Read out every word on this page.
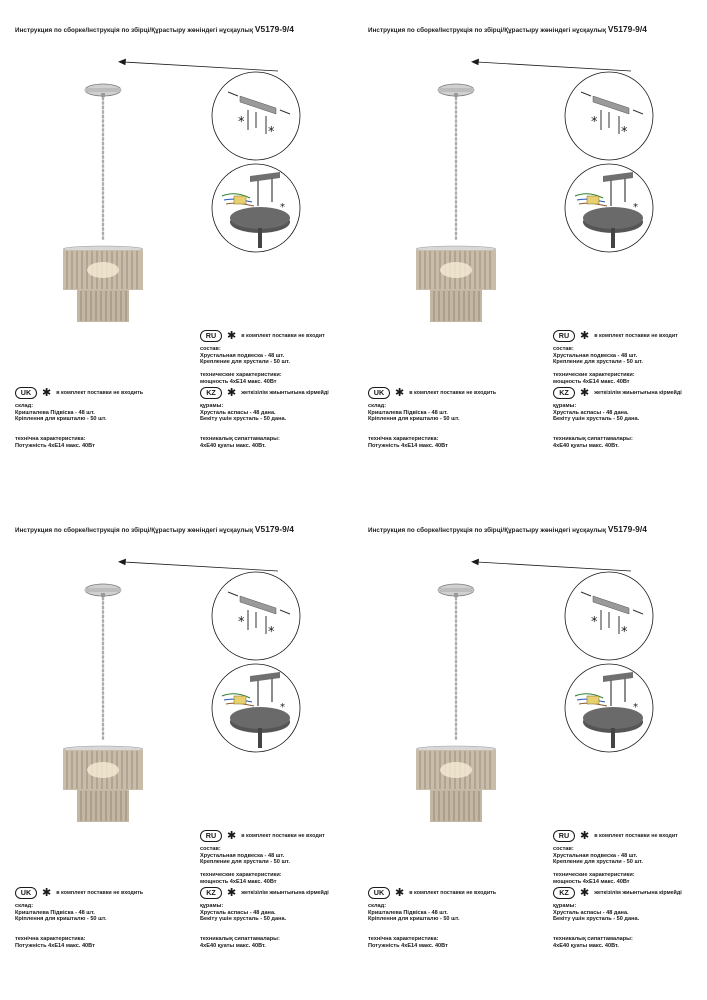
Инструкция по сборке/Інструкція по збірці/Құрастыру жөніндегі нұсқаулық V5179-9/4
*
*
*
RU ✱ в комплект поставки не входит
состав:
Хрустальная подвеска - 48 шт.
Крепление для хрустали - 50 шт.
технические характеристики:
мощность 4xE14 макс. 40Вт
UK ✱ в комплект поставки не входить
склад:
Кришталева Підвіска - 48 шт.
Кріплення для кришталю - 50 шт.
KZ	✱ жеткізілім жиынтығына кірмейді
құрамы:
Хрусталь аспасы - 48 дана.
Бекіту үшін хрусталь - 50 дана.
технічна характеристика:
Потужність 4xE14 макс. 40Вт
техникалық сипаттамалары:
4xE40 қуаты макс. 40Вт.
Инструкция по сборке/Інструкція по збірці/Құрастыру жөніндегі нұсқаулық V5179-9/4
*
*
*
RU ✱ в комплект поставки не входит
состав:
Хрустальная подвеска - 48 шт.
Крепление для хрустали - 50 шт.
технические характеристики:
мощность 4xE14 макс. 40Вт
UK ✱ в комплект поставки не входить
склад:
Кришталева Підвіска - 48 шт.
Кріплення для кришталю - 50 шт.
KZ	✱ жеткізілім жиынтығына кірмейді
құрамы:
Хрусталь аспасы - 48 дана.
Бекіту үшін хрусталь - 50 дана.
технічна характеристика:
Потужність 4xE14 макс. 40Вт
техникалық сипаттамалары:
4xE40 қуаты макс. 40Вт.
Инструкция по сборке/Інструкція по збірці/Құрастыру жөніндегі нұсқаулық V5179-9/4
*
*
*
RU ✱ в комплект поставки не входит
состав:
Хрустальная подвеска - 48 шт.
Крепление для хрустали - 50 шт.
технические характеристики:
мощность 4xE14 макс. 40Вт
UK ✱ в комплект поставки не входить
склад:
Кришталева Підвіска - 48 шт.
Кріплення для кришталю - 50 шт.
KZ	✱ жеткізілім жиынтығына кірмейді
құрамы:
Хрусталь аспасы - 48 дана.
Бекіту үшін хрусталь - 50 дана.
технічна характеристика:
Потужність 4xE14 макс. 40Вт
техникалық сипаттамалары:
4xE40 қуаты макс. 40Вт.
Инструкция по сборке/Інструкція по збірці/Құрастыру жөніндегі нұсқаулық V5179-9/4
*
*
*
RU ✱ в комплект поставки не входит
состав:
Хрустальная подвеска - 48 шт.
Крепление для хрустали - 50 шт.
технические характеристики:
мощность 4xE14 макс. 40Вт
UK ✱ в комплект поставки не входить
склад:
Кришталева Підвіска - 48 шт.
Кріплення для кришталю - 50 шт.
KZ	✱ жеткізілім жиынтығына кірмейді
құрамы:
Хрусталь аспасы - 48 дана.
Бекіту үшін хрусталь - 50 дана.
технічна характеристика:
Потужність 4xE14 макс. 40Вт
техникалық сипаттамалары:
4xE40 қуаты макс. 40Вт.
